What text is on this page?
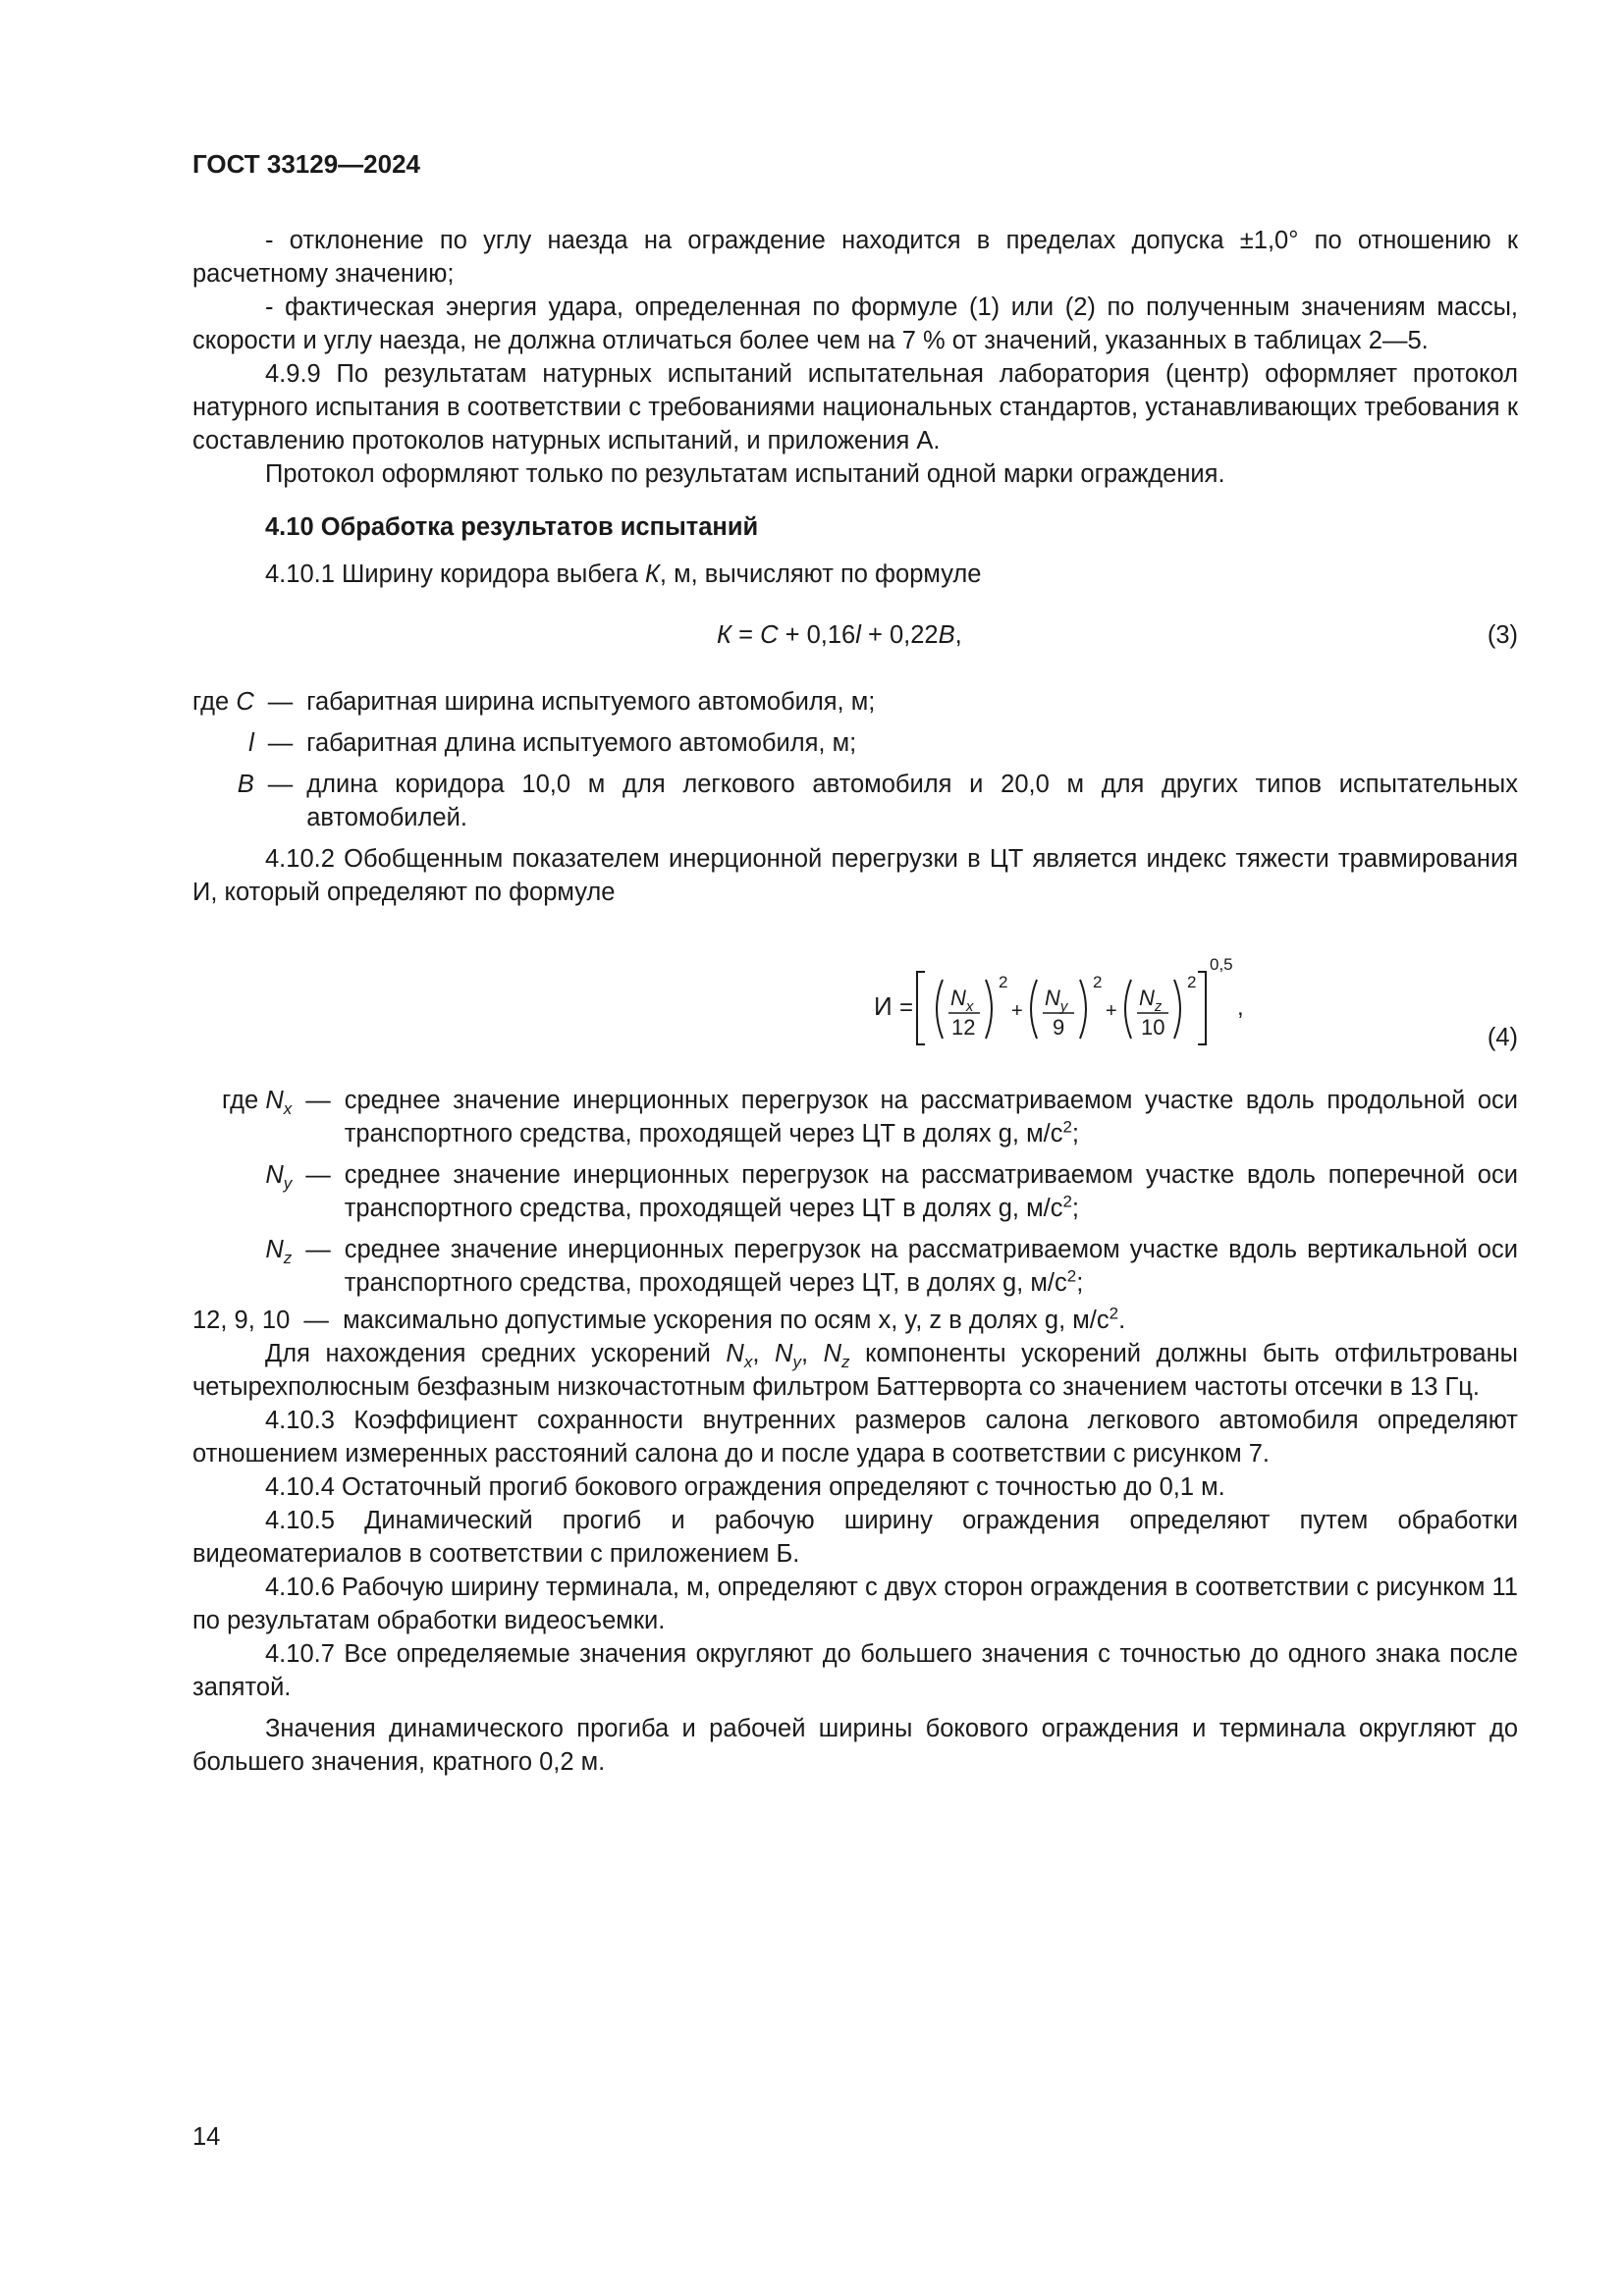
ГОСТ 33129—2024

- отклонение по углу наезда на ограждение находится в пределах допуска ±1,0° по отношению к расчетному значению;

- фактическая энергия удара, определенная по формуле (1) или (2) по полученным значениям массы, скорости и углу наезда, не должна отличаться более чем на 7 % от значений, указанных в таблицах 2—5.

4.9.9 По результатам натурных испытаний испытательная лаборатория (центр) оформляет протокол натурного испытания в соответствии с требованиями национальных стандартов, устанавливающих требования к составлению протоколов натурных испытаний, и приложения А.

Протокол оформляют только по результатам испытаний одной марки ограждения.

4.10 Обработка результатов испытаний

4.10.1 Ширину коридора выбега К, м, вычисляют по формуле

К = С + 0,16l + 0,22В,	(3)
где С	—	габаритная ширина испытуемого автомобиля, м;
l	—	габаритная длина испытуемого автомобиля, м;
В	—	длина коридора 10,0 м для легкового автомобиля и 20,0 м для других типов испытательных автомобилей.

4.10.2 Обобщенным показателем инерционной перегрузки в ЦТ является индекс тяжести травмирования И, который определяют по формуле

$И = N_x$
12
2
+
$N_y$
9
2
+
$N_z$
10
2
0,5
,
(4)
где $N_x$	—	среднее значение инерционных перегрузок на рассматриваемом участке вдоль продольной оси транспортного средства, проходящей через ЦТ в долях g, $м/с^2$;
$N_y$	—	среднее значение инерционных перегрузок на рассматриваемом участке вдоль поперечной оси транспортного средства, проходящей через ЦТ в долях g, $м/с^2$;
$N_z$	—	среднее значение инерционных перегрузок на рассматриваемом участке вдоль вертикальной оси транспортного средства, проходящей через ЦТ, в долях g, $м/с^2$;

12, 9, 10 — максимально допустимые ускорения по осям x, y, z в долях g, $м/с^2$.

Для нахождения средних ускорений $N_x$, $N_y$, $N_z$ компоненты ускорений должны быть отфильтрованы четырехполюсным безфазным низкочастотным фильтром Баттерворта со значением частоты отсечки в 13 Гц.

4.10.3 Коэффициент сохранности внутренних размеров салона легкового автомобиля определяют отношением измеренных расстояний салона до и после удара в соответствии с рисунком 7.

4.10.4 Остаточный прогиб бокового ограждения определяют с точностью до 0,1 м.

4.10.5 Динамический прогиб и рабочую ширину ограждения определяют путем обработки видеоматериалов в соответствии с приложением Б.

4.10.6 Рабочую ширину терминала, м, определяют с двух сторон ограждения в соответствии с рисунком 11 по результатам обработки видеосъемки.

4.10.7 Все определяемые значения округляют до большего значения с точностью до одного знака после запятой.

Значения динамического прогиба и рабочей ширины бокового ограждения и терминала округляют до большего значения, кратного 0,2 м.

14
